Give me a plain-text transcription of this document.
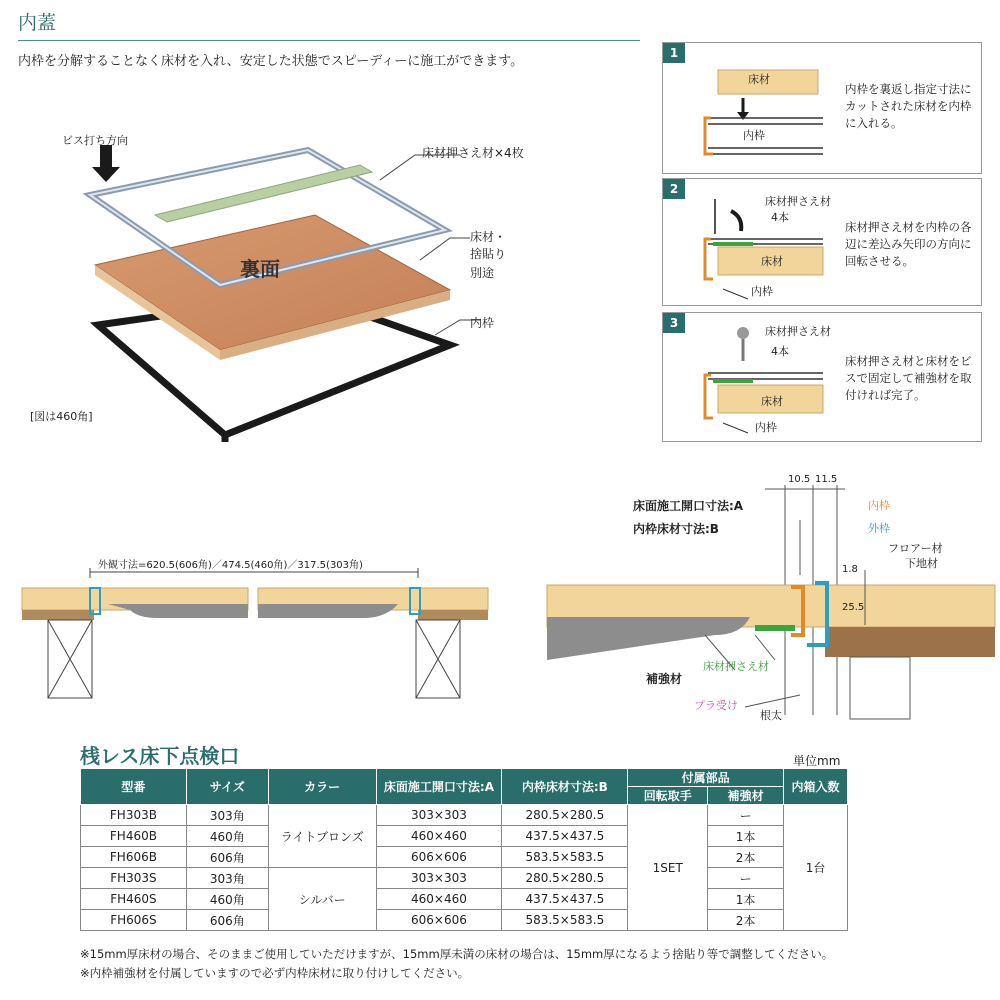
内蓋
内枠を分解することなく床材を入れ、安定した状態でスピーディーに施工ができます。
ビス打ち方向
床材押さえ材×4枚
床材・
捨貼り
別途
裏面
内枠
[図は460角]
1
床材
内枠
内枠を裏返し指定寸法にカットされた床材を内枠に入れる。
2
床材押さえ材
4本
床材
内枠
床材押さえ材を内枠の各辺に差込み矢印の方向に回転させる。
3
床材押さえ材
4本
床材
内枠
床材押さえ材と床材をビスで固定して補強材を取付ければ完了。
外観寸法=620.5(606角)／474.5(460角)／317.5(303角)
10.5 11.5
床面施工開口寸法:A
内枠床材寸法:B
内枠
外枠
1.8
25.5
フロアー材
下地材
補強材
床材押さえ材
プラ受け
根太
桟レス床下点検口	単位mm
型番	サイズ	カラー	床面施工開口寸法:A	内枠床材寸法:B	付属部品		内箱入数
					回転取手	補強材	
FH303B	303角	ライトブロンズ	303×303	280.5×280.5	1SET	ー	1台
FH460B	460角		460×460	437.5×437.5		1本	
FH606B	606角		606×606	583.5×583.5		2本	
FH303S	303角	シルバー	303×303	280.5×280.5		ー	
FH460S	460角		460×460	437.5×437.5		1本	
FH606S	606角		606×606	583.5×583.5		2本	
※15mm厚床材の場合、そのままご使用していただけますが、15mm厚未満の床材の場合は、15mm厚になるよう捨貼り等で調整してください。
※内枠補強材を付属していますので必ず内枠床材に取り付けしてください。
